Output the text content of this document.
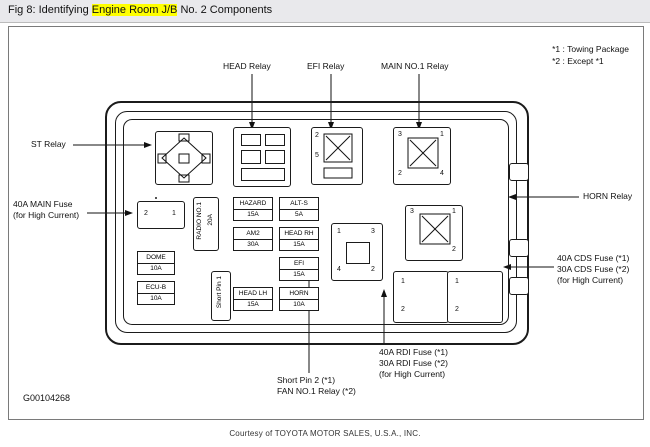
Fig 8: Identifying Engine Room J/B No. 2 Components
*1 : Towing Package
*2 : Except *1
G00104268
HEAD Relay	EFI Relay	MAIN NO.1 Relay
ST Relay
40A MAIN Fuse
(for High Current)
HORN Relay
40A CDS Fuse (*1)
30A CDS Fuse (*2)
(for High Current)
40A RDI Fuse (*1)
30A RDI Fuse (*2)
(for High Current)
Short Pin 2 (*1)
FAN NO.1 Relay (*2)
2
5
3	1
2	4
3	1
2
2	1	RADIO NO.1 20A
Short Pin 1
DOME
10A
ECU-B
10A
HAZARD
15A
ALT-S
5A
AM2
30A
HEAD RH
15A
EFI
15A
HEAD LH
15A
HORN
10A
1	3
4	2
1
2
1
2
Courtesy of TOYOTA MOTOR SALES, U.S.A., INC.
